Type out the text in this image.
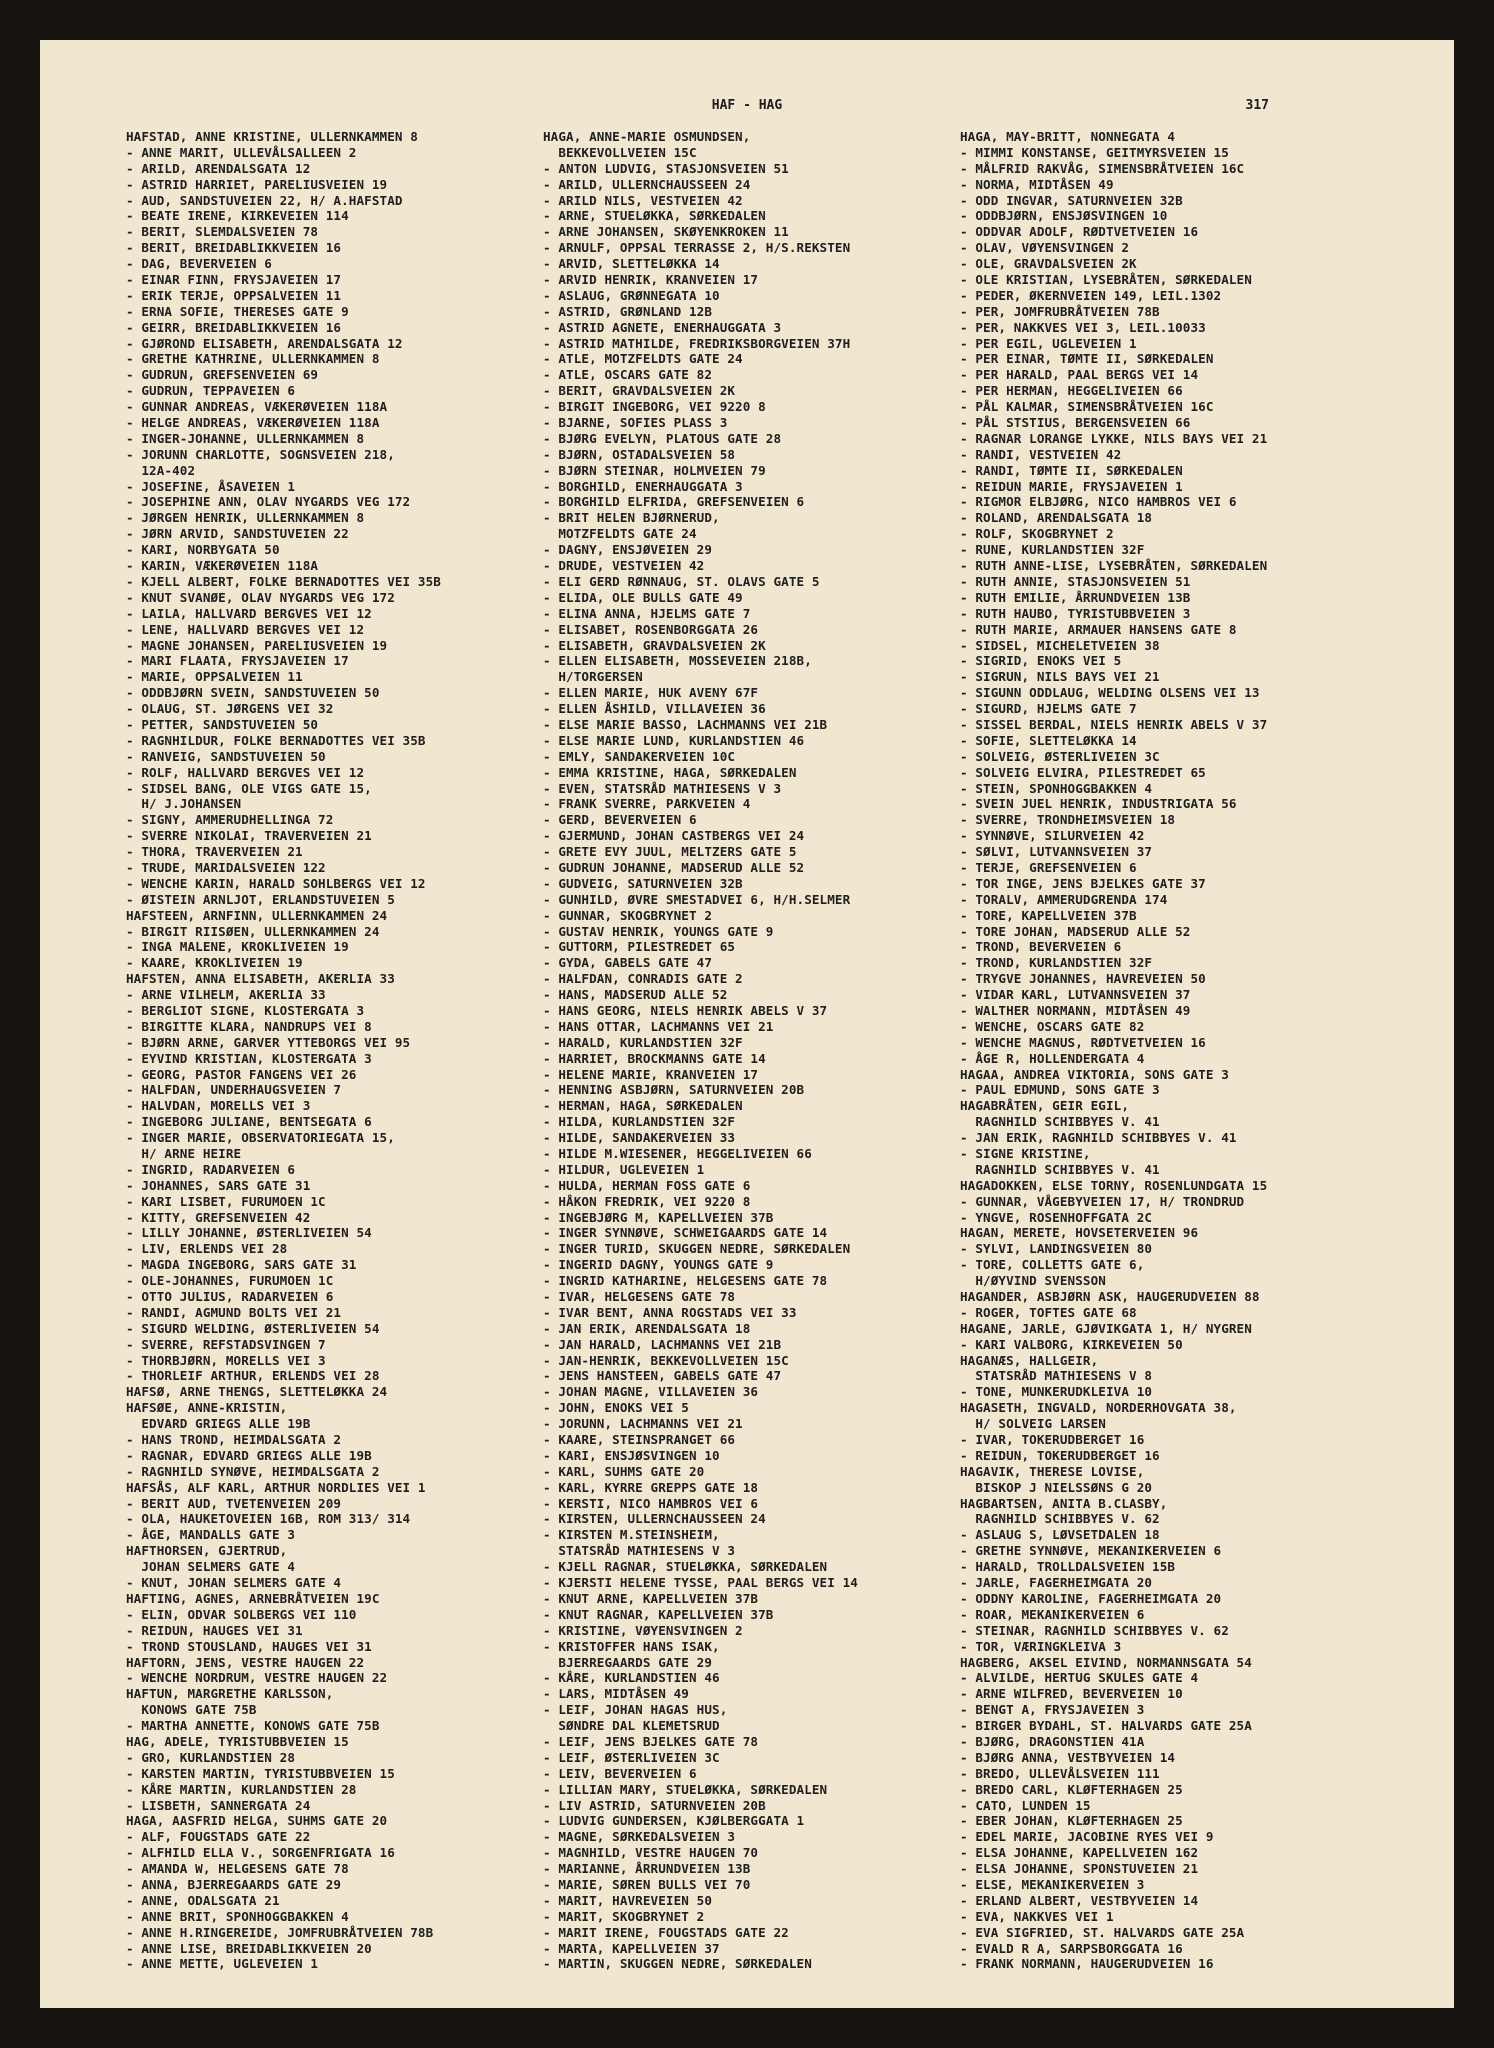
HAF - HAG	317
HAFSTAD, ANNE KRISTINE, ULLERNKAMMEN 8
- ANNE MARIT, ULLEVÅLSALLEEN 2
- ARILD, ARENDALSGATA 12
- ASTRID HARRIET, PARELIUSVEIEN 19
- AUD, SANDSTUVEIEN 22, H/ A.HAFSTAD
- BEATE IRENE, KIRKEVEIEN 114
- BERIT, SLEMDALSVEIEN 78
- BERIT, BREIDABLIKKVEIEN 16
- DAG, BEVERVEIEN 6
- EINAR FINN, FRYSJAVEIEN 17
- ERIK TERJE, OPPSALVEIEN 11
- ERNA SOFIE, THERESES GATE 9
- GEIRR, BREIDABLIKKVEIEN 16
- GJØROND ELISABETH, ARENDALSGATA 12
- GRETHE KATHRINE, ULLERNKAMMEN 8
- GUDRUN, GREFSENVEIEN 69
- GUDRUN, TEPPAVEIEN 6
- GUNNAR ANDREAS, VÆKERØVEIEN 118A
- HELGE ANDREAS, VÆKERØVEIEN 118A
- INGER-JOHANNE, ULLERNKAMMEN 8
- JORUNN CHARLOTTE, SOGNSVEIEN 218,
12A-402
- JOSEFINE, ÅSAVEIEN 1
- JOSEPHINE ANN, OLAV NYGARDS VEG 172
- JØRGEN HENRIK, ULLERNKAMMEN 8
- JØRN ARVID, SANDSTUVEIEN 22
- KARI, NORBYGATA 50
- KARIN, VÆKERØVEIEN 118A
- KJELL ALBERT, FOLKE BERNADOTTES VEI 35B
- KNUT SVANØE, OLAV NYGARDS VEG 172
- LAILA, HALLVARD BERGVES VEI 12
- LENE, HALLVARD BERGVES VEI 12
- MAGNE JOHANSEN, PARELIUSVEIEN 19
- MARI FLAATA, FRYSJAVEIEN 17
- MARIE, OPPSALVEIEN 11
- ODDBJØRN SVEIN, SANDSTUVEIEN 50
- OLAUG, ST. JØRGENS VEI 32
- PETTER, SANDSTUVEIEN 50
- RAGNHILDUR, FOLKE BERNADOTTES VEI 35B
- RANVEIG, SANDSTUVEIEN 50
- ROLF, HALLVARD BERGVES VEI 12
- SIDSEL BANG, OLE VIGS GATE 15,
H/ J.JOHANSEN
- SIGNY, AMMERUDHELLINGA 72
- SVERRE NIKOLAI, TRAVERVEIEN 21
- THORA, TRAVERVEIEN 21
- TRUDE, MARIDALSVEIEN 122
- WENCHE KARIN, HARALD SOHLBERGS VEI 12
- ØISTEIN ARNLJOT, ERLANDSTUVEIEN 5
HAFSTEEN, ARNFINN, ULLERNKAMMEN 24
- BIRGIT RIISØEN, ULLERNKAMMEN 24
- INGA MALENE, KROKLIVEIEN 19
- KAARE, KROKLIVEIEN 19
HAFSTEN, ANNA ELISABETH, AKERLIA 33
- ARNE VILHELM, AKERLIA 33
- BERGLIOT SIGNE, KLOSTERGATA 3
- BIRGITTE KLARA, NANDRUPS VEI 8
- BJØRN ARNE, GARVER YTTEBORGS VEI 95
- EYVIND KRISTIAN, KLOSTERGATA 3
- GEORG, PASTOR FANGENS VEI 26
- HALFDAN, UNDERHAUGSVEIEN 7
- HALVDAN, MORELLS VEI 3
- INGEBORG JULIANE, BENTSEGATA 6
- INGER MARIE, OBSERVATORIEGATA 15,
H/ ARNE HEIRE
- INGRID, RADARVEIEN 6
- JOHANNES, SARS GATE 31
- KARI LISBET, FURUMOEN 1C
- KITTY, GREFSENVEIEN 42
- LILLY JOHANNE, ØSTERLIVEIEN 54
- LIV, ERLENDS VEI 28
- MAGDA INGEBORG, SARS GATE 31
- OLE-JOHANNES, FURUMOEN 1C
- OTTO JULIUS, RADARVEIEN 6
- RANDI, AGMUND BOLTS VEI 21
- SIGURD WELDING, ØSTERLIVEIEN 54
- SVERRE, REFSTADSVINGEN 7
- THORBJØRN, MORELLS VEI 3
- THORLEIF ARTHUR, ERLENDS VEI 28
HAFSØ, ARNE THENGS, SLETTELØKKA 24
HAFSØE, ANNE-KRISTIN,
EDVARD GRIEGS ALLE 19B
- HANS TROND, HEIMDALSGATA 2
- RAGNAR, EDVARD GRIEGS ALLE 19B
- RAGNHILD SYNØVE, HEIMDALSGATA 2
HAFSÅS, ALF KARL, ARTHUR NORDLIES VEI 1
- BERIT AUD, TVETENVEIEN 209
- OLA, HAUKETOVEIEN 16B, ROM 313/ 314
- ÅGE, MANDALLS GATE 3
HAFTHORSEN, GJERTRUD,
JOHAN SELMERS GATE 4
- KNUT, JOHAN SELMERS GATE 4
HAFTING, AGNES, ARNEBRÅTVEIEN 19C
- ELIN, ODVAR SOLBERGS VEI 110
- REIDUN, HAUGES VEI 31
- TROND STOUSLAND, HAUGES VEI 31
HAFTORN, JENS, VESTRE HAUGEN 22
- WENCHE NORDRUM, VESTRE HAUGEN 22
HAFTUN, MARGRETHE KARLSSON,
KONOWS GATE 75B
- MARTHA ANNETTE, KONOWS GATE 75B
HAG, ADELE, TYRISTUBBVEIEN 15
- GRO, KURLANDSTIEN 28
- KARSTEN MARTIN, TYRISTUBBVEIEN 15
- KÅRE MARTIN, KURLANDSTIEN 28
- LISBETH, SANNERGATA 24
HAGA, AASFRID HELGA, SUHMS GATE 20
- ALF, FOUGSTADS GATE 22
- ALFHILD ELLA V., SORGENFRIGATA 16
- AMANDA W, HELGESENS GATE 78
- ANNA, BJERREGAARDS GATE 29
- ANNE, ODALSGATA 21
- ANNE BRIT, SPONHOGGBAKKEN 4
- ANNE H.RINGEREIDE, JOMFRUBRÅTVEIEN 78B
- ANNE LISE, BREIDABLIKKVEIEN 20
- ANNE METTE, UGLEVEIEN 1
HAGA, ANNE-MARIE OSMUNDSEN,
BEKKEVOLLVEIEN 15C
- ANTON LUDVIG, STASJONSVEIEN 51
- ARILD, ULLERNCHAUSSEEN 24
- ARILD NILS, VESTVEIEN 42
- ARNE, STUELØKKA, SØRKEDALEN
- ARNE JOHANSEN, SKØYENKROKEN 11
- ARNULF, OPPSAL TERRASSE 2, H/S.REKSTEN
- ARVID, SLETTELØKKA 14
- ARVID HENRIK, KRANVEIEN 17
- ASLAUG, GRØNNEGATA 10
- ASTRID, GRØNLAND 12B
- ASTRID AGNETE, ENERHAUGGATA 3
- ASTRID MATHILDE, FREDRIKSBORGVEIEN 37H
- ATLE, MOTZFELDTS GATE 24
- ATLE, OSCARS GATE 82
- BERIT, GRAVDALSVEIEN 2K
- BIRGIT INGEBORG, VEI 9220 8
- BJARNE, SOFIES PLASS 3
- BJØRG EVELYN, PLATOUS GATE 28
- BJØRN, OSTADALSVEIEN 58
- BJØRN STEINAR, HOLMVEIEN 79
- BORGHILD, ENERHAUGGATA 3
- BORGHILD ELFRIDA, GREFSENVEIEN 6
- BRIT HELEN BJØRNERUD,
MOTZFELDTS GATE 24
- DAGNY, ENSJØVEIEN 29
- DRUDE, VESTVEIEN 42
- ELI GERD RØNNAUG, ST. OLAVS GATE 5
- ELIDA, OLE BULLS GATE 49
- ELINA ANNA, HJELMS GATE 7
- ELISABET, ROSENBORGGATA 26
- ELISABETH, GRAVDALSVEIEN 2K
- ELLEN ELISABETH, MOSSEVEIEN 218B,
H/TORGERSEN
- ELLEN MARIE, HUK AVENY 67F
- ELLEN ÅSHILD, VILLAVEIEN 36
- ELSE MARIE BASSO, LACHMANNS VEI 21B
- ELSE MARIE LUND, KURLANDSTIEN 46
- EMLY, SANDAKERVEIEN 10C
- EMMA KRISTINE, HAGA, SØRKEDALEN
- EVEN, STATSRÅD MATHIESENS V 3
- FRANK SVERRE, PARKVEIEN 4
- GERD, BEVERVEIEN 6
- GJERMUND, JOHAN CASTBERGS VEI 24
- GRETE EVY JUUL, MELTZERS GATE 5
- GUDRUN JOHANNE, MADSERUD ALLE 52
- GUDVEIG, SATURNVEIEN 32B
- GUNHILD, ØVRE SMESTADVEI 6, H/H.SELMER
- GUNNAR, SKOGBRYNET 2
- GUSTAV HENRIK, YOUNGS GATE 9
- GUTTORM, PILESTREDET 65
- GYDA, GABELS GATE 47
- HALFDAN, CONRADIS GATE 2
- HANS, MADSERUD ALLE 52
- HANS GEORG, NIELS HENRIK ABELS V 37
- HANS OTTAR, LACHMANNS VEI 21
- HARALD, KURLANDSTIEN 32F
- HARRIET, BROCKMANNS GATE 14
- HELENE MARIE, KRANVEIEN 17
- HENNING ASBJØRN, SATURNVEIEN 20B
- HERMAN, HAGA, SØRKEDALEN
- HILDA, KURLANDSTIEN 32F
- HILDE, SANDAKERVEIEN 33
- HILDE M.WIESENER, HEGGELIVEIEN 66
- HILDUR, UGLEVEIEN 1
- HULDA, HERMAN FOSS GATE 6
- HÅKON FREDRIK, VEI 9220 8
- INGEBJØRG M, KAPELLVEIEN 37B
- INGER SYNNØVE, SCHWEIGAARDS GATE 14
- INGER TURID, SKUGGEN NEDRE, SØRKEDALEN
- INGERID DAGNY, YOUNGS GATE 9
- INGRID KATHARINE, HELGESENS GATE 78
- IVAR, HELGESENS GATE 78
- IVAR BENT, ANNA ROGSTADS VEI 33
- JAN ERIK, ARENDALSGATA 18
- JAN HARALD, LACHMANNS VEI 21B
- JAN-HENRIK, BEKKEVOLLVEIEN 15C
- JENS HANSTEEN, GABELS GATE 47
- JOHAN MAGNE, VILLAVEIEN 36
- JOHN, ENOKS VEI 5
- JORUNN, LACHMANNS VEI 21
- KAARE, STEINSPRANGET 66
- KARI, ENSJØSVINGEN 10
- KARL, SUHMS GATE 20
- KARL, KYRRE GREPPS GATE 18
- KERSTI, NICO HAMBROS VEI 6
- KIRSTEN, ULLERNCHAUSSEEN 24
- KIRSTEN M.STEINSHEIM,
STATSRÅD MATHIESENS V 3
- KJELL RAGNAR, STUELØKKA, SØRKEDALEN
- KJERSTI HELENE TYSSE, PAAL BERGS VEI 14
- KNUT ARNE, KAPELLVEIEN 37B
- KNUT RAGNAR, KAPELLVEIEN 37B
- KRISTINE, VØYENSVINGEN 2
- KRISTOFFER HANS ISAK,
BJERREGAARDS GATE 29
- KÅRE, KURLANDSTIEN 46
- LARS, MIDTÅSEN 49
- LEIF, JOHAN HAGAS HUS,
SØNDRE DAL KLEMETSRUD
- LEIF, JENS BJELKES GATE 78
- LEIF, ØSTERLIVEIEN 3C
- LEIV, BEVERVEIEN 6
- LILLIAN MARY, STUELØKKA, SØRKEDALEN
- LIV ASTRID, SATURNVEIEN 20B
- LUDVIG GUNDERSEN, KJØLBERGGATA 1
- MAGNE, SØRKEDALSVEIEN 3
- MAGNHILD, VESTRE HAUGEN 70
- MARIANNE, ÅRRUNDVEIEN 13B
- MARIE, SØREN BULLS VEI 70
- MARIT, HAVREVEIEN 50
- MARIT, SKOGBRYNET 2
- MARIT IRENE, FOUGSTADS GATE 22
- MARTA, KAPELLVEIEN 37
- MARTIN, SKUGGEN NEDRE, SØRKEDALEN
HAGA, MAY-BRITT, NONNEGATA 4
- MIMMI KONSTANSE, GEITMYRSVEIEN 15
- MÅLFRID RAKVÅG, SIMENSBRÅTVEIEN 16C
- NORMA, MIDTÅSEN 49
- ODD INGVAR, SATURNVEIEN 32B
- ODDBJØRN, ENSJØSVINGEN 10
- ODDVAR ADOLF, RØDTVETVEIEN 16
- OLAV, VØYENSVINGEN 2
- OLE, GRAVDALSVEIEN 2K
- OLE KRISTIAN, LYSEBRÅTEN, SØRKEDALEN
- PEDER, ØKERNVEIEN 149, LEIL.1302
- PER, JOMFRUBRÅTVEIEN 78B
- PER, NAKKVES VEI 3, LEIL.10033
- PER EGIL, UGLEVEIEN 1
- PER EINAR, TØMTE II, SØRKEDALEN
- PER HARALD, PAAL BERGS VEI 14
- PER HERMAN, HEGGELIVEIEN 66
- PÅL KALMAR, SIMENSBRÅTVEIEN 16C
- PÅL STSTIUS, BERGENSVEIEN 66
- RAGNAR LORANGE LYKKE, NILS BAYS VEI 21
- RANDI, VESTVEIEN 42
- RANDI, TØMTE II, SØRKEDALEN
- REIDUN MARIE, FRYSJAVEIEN 1
- RIGMOR ELBJØRG, NICO HAMBROS VEI 6
- ROLAND, ARENDALSGATA 18
- ROLF, SKOGBRYNET 2
- RUNE, KURLANDSTIEN 32F
- RUTH ANNE-LISE, LYSEBRÅTEN, SØRKEDALEN
- RUTH ANNIE, STASJONSVEIEN 51
- RUTH EMILIE, ÅRRUNDVEIEN 13B
- RUTH HAUBO, TYRISTUBBVEIEN 3
- RUTH MARIE, ARMAUER HANSENS GATE 8
- SIDSEL, MICHELETVEIEN 38
- SIGRID, ENOKS VEI 5
- SIGRUN, NILS BAYS VEI 21
- SIGUNN ODDLAUG, WELDING OLSENS VEI 13
- SIGURD, HJELMS GATE 7
- SISSEL BERDAL, NIELS HENRIK ABELS V 37
- SOFIE, SLETTELØKKA 14
- SOLVEIG, ØSTERLIVEIEN 3C
- SOLVEIG ELVIRA, PILESTREDET 65
- STEIN, SPONHOGGBAKKEN 4
- SVEIN JUEL HENRIK, INDUSTRIGATA 56
- SVERRE, TRONDHEIMSVEIEN 18
- SYNNØVE, SILURVEIEN 42
- SØLVI, LUTVANNSVEIEN 37
- TERJE, GREFSENVEIEN 6
- TOR INGE, JENS BJELKES GATE 37
- TORALV, AMMERUDGRENDA 174
- TORE, KAPELLVEIEN 37B
- TORE JOHAN, MADSERUD ALLE 52
- TROND, BEVERVEIEN 6
- TROND, KURLANDSTIEN 32F
- TRYGVE JOHANNES, HAVREVEIEN 50
- VIDAR KARL, LUTVANNSVEIEN 37
- WALTHER NORMANN, MIDTÅSEN 49
- WENCHE, OSCARS GATE 82
- WENCHE MAGNUS, RØDTVETVEIEN 16
- ÅGE R, HOLLENDERGATA 4
HAGAA, ANDREA VIKTORIA, SONS GATE 3
- PAUL EDMUND, SONS GATE 3
HAGABRÅTEN, GEIR EGIL,
RAGNHILD SCHIBBYES V. 41
- JAN ERIK, RAGNHILD SCHIBBYES V. 41
- SIGNE KRISTINE,
RAGNHILD SCHIBBYES V. 41
HAGADOKKEN, ELSE TORNY, ROSENLUNDGATA 15
- GUNNAR, VÅGEBYVEIEN 17, H/ TRONDRUD
- YNGVE, ROSENHOFFGATA 2C
HAGAN, MERETE, HOVSETERVEIEN 96
- SYLVI, LANDINGSVEIEN 80
- TORE, COLLETTS GATE 6,
H/ØYVIND SVENSSON
HAGANDER, ASBJØRN ASK, HAUGERUDVEIEN 88
- ROGER, TOFTES GATE 68
HAGANE, JARLE, GJØVIKGATA 1, H/ NYGREN
- KARI VALBORG, KIRKEVEIEN 50
HAGANÆS, HALLGEIR,
STATSRÅD MATHIESENS V 8
- TONE, MUNKERUDKLEIVA 10
HAGASETH, INGVALD, NORDERHOVGATA 38,
H/ SOLVEIG LARSEN
- IVAR, TOKERUDBERGET 16
- REIDUN, TOKERUDBERGET 16
HAGAVIK, THERESE LOVISE,
BISKOP J NIELSSØNS G 20
HAGBARTSEN, ANITA B.CLASBY,
RAGNHILD SCHIBBYES V. 62
- ASLAUG S, LØVSETDALEN 18
- GRETHE SYNNØVE, MEKANIKERVEIEN 6
- HARALD, TROLLDALSVEIEN 15B
- JARLE, FAGERHEIMGATA 20
- ODDNY KAROLINE, FAGERHEIMGATA 20
- ROAR, MEKANIKERVEIEN 6
- STEINAR, RAGNHILD SCHIBBYES V. 62
- TOR, VÆRINGKLEIVA 3
HAGBERG, AKSEL EIVIND, NORMANNSGATA 54
- ALVILDE, HERTUG SKULES GATE 4
- ARNE WILFRED, BEVERVEIEN 10
- BENGT A, FRYSJAVEIEN 3
- BIRGER BYDAHL, ST. HALVARDS GATE 25A
- BJØRG, DRAGONSTIEN 41A
- BJØRG ANNA, VESTBYVEIEN 14
- BREDO, ULLEVÅLSVEIEN 111
- BREDO CARL, KLØFTERHAGEN 25
- CATO, LUNDEN 15
- EBER JOHAN, KLØFTERHAGEN 25
- EDEL MARIE, JACOBINE RYES VEI 9
- ELSA JOHANNE, KAPELLVEIEN 162
- ELSA JOHANNE, SPONSTUVEIEN 21
- ELSE, MEKANIKERVEIEN 3
- ERLAND ALBERT, VESTBYVEIEN 14
- EVA, NAKKVES VEI 1
- EVA SIGFRIED, ST. HALVARDS GATE 25A
- EVALD R A, SARPSBORGGATA 16
- FRANK NORMANN, HAUGERUDVEIEN 16
